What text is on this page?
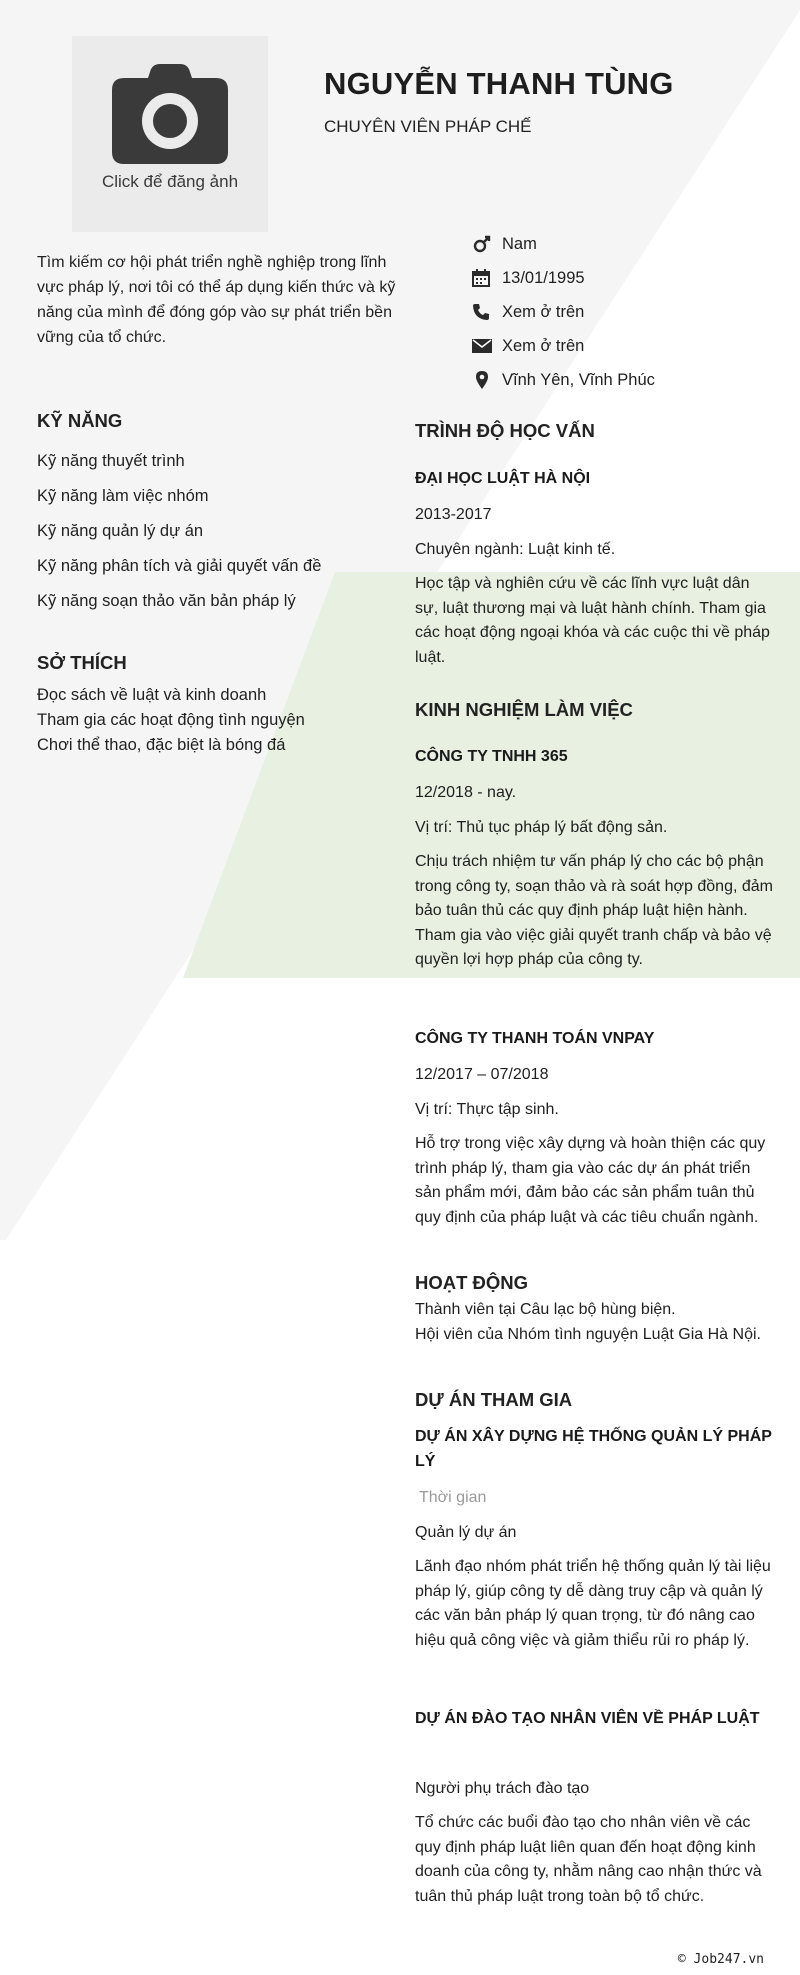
Click để đăng ảnh
NGUYỄN THANH TÙNG
CHUYÊN VIÊN PHÁP CHẾ
Tìm kiếm cơ hội phát triển nghề nghiệp trong lĩnh vực pháp lý, nơi tôi có thể áp dụng kiến thức và kỹ năng của mình để đóng góp vào sự phát triển bền vững của tổ chức.
Nam
13/01/1995
Xem ở trên
Xem ở trên
Vĩnh Yên, Vĩnh Phúc
KỸ NĂNG
Kỹ năng thuyết trình
Kỹ năng làm việc nhóm
Kỹ năng quản lý dự án
Kỹ năng phân tích và giải quyết vấn đề
Kỹ năng soạn thảo văn bản pháp lý
SỞ THÍCH
Đọc sách về luật và kinh doanh
Tham gia các hoạt động tình nguyện
Chơi thể thao, đặc biệt là bóng đá
TRÌNH ĐỘ HỌC VẤN
ĐẠI HỌC LUẬT HÀ NỘI
2013-2017
Chuyên ngành: Luật kinh tế.
Học tập và nghiên cứu về các lĩnh vực luật dân sự, luật thương mại và luật hành chính. Tham gia các hoạt động ngoại khóa và các cuộc thi về pháp luật.
KINH NGHIỆM LÀM VIỆC
CÔNG TY TNHH 365
12/2018 - nay.
Vị trí: Thủ tục pháp lý bất động sản.
Chịu trách nhiệm tư vấn pháp lý cho các bộ phận trong công ty, soạn thảo và rà soát hợp đồng, đảm bảo tuân thủ các quy định pháp luật hiện hành. Tham gia vào việc giải quyết tranh chấp và bảo vệ quyền lợi hợp pháp của công ty.
CÔNG TY THANH TOÁN VNPAY
12/2017 – 07/2018
Vị trí: Thực tập sinh.
Hỗ trợ trong việc xây dựng và hoàn thiện các quy trình pháp lý, tham gia vào các dự án phát triển sản phẩm mới, đảm bảo các sản phẩm tuân thủ quy định của pháp luật và các tiêu chuẩn ngành.
HOẠT ĐỘNG
Thành viên tại Câu lạc bộ hùng biện.
Hội viên của Nhóm tình nguyện Luật Gia Hà Nội.
DỰ ÁN THAM GIA
DỰ ÁN XÂY DỰNG HỆ THỐNG QUẢN LÝ PHÁP LÝ
Thời gian
Quản lý dự án
Lãnh đạo nhóm phát triển hệ thống quản lý tài liệu pháp lý, giúp công ty dễ dàng truy cập và quản lý các văn bản pháp lý quan trọng, từ đó nâng cao hiệu quả công việc và giảm thiểu rủi ro pháp lý.
DỰ ÁN ĐÀO TẠO NHÂN VIÊN VỀ PHÁP LUẬT
Người phụ trách đào tạo
Tổ chức các buổi đào tạo cho nhân viên về các quy định pháp luật liên quan đến hoạt động kinh doanh của công ty, nhằm nâng cao nhận thức và tuân thủ pháp luật trong toàn bộ tổ chức.
© Job247.vn
